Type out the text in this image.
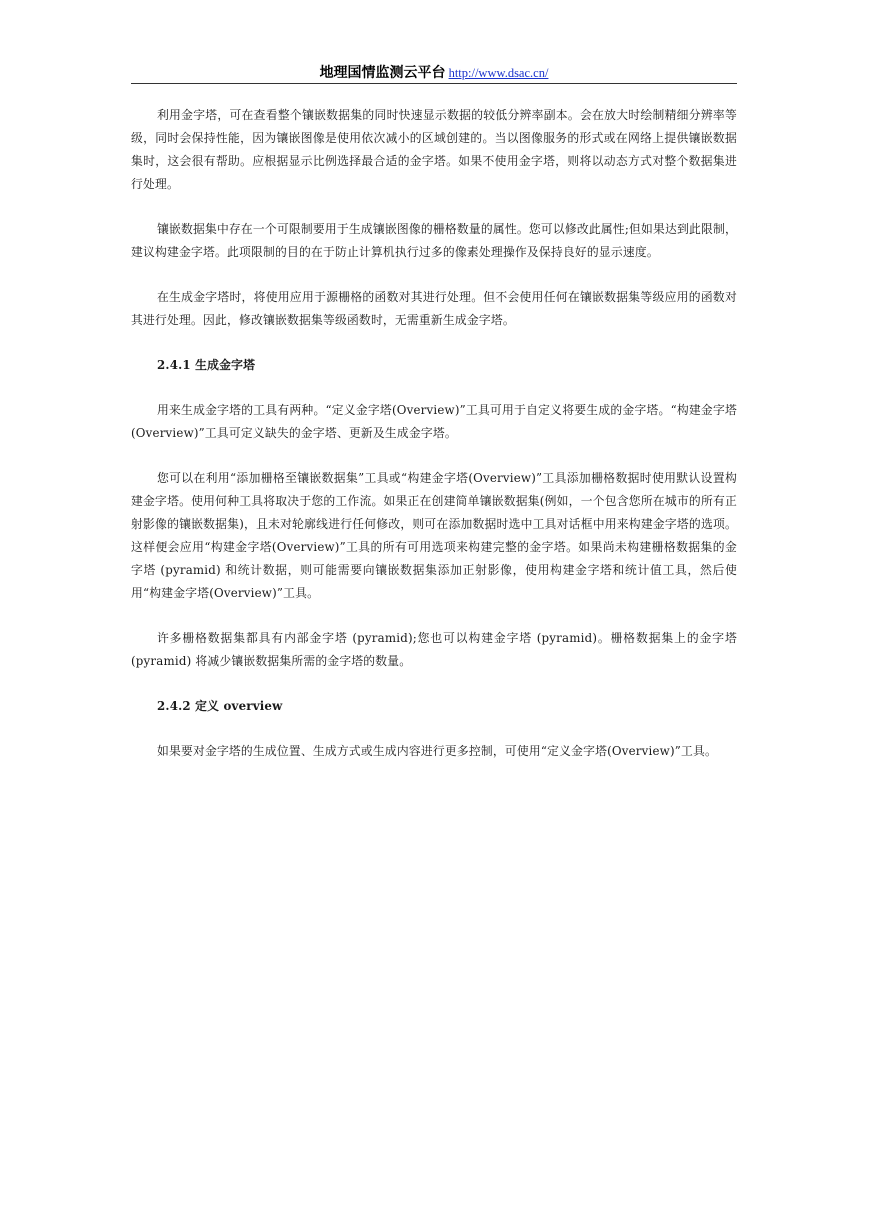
地理国情监测云平台 http://www.dsac.cn/

利用金字塔，可在查看整个镶嵌数据集的同时快速显示数据的较低分辨率副本。会在放大时绘制精细分辨率等级，同时会保持性能，因为镶嵌图像是使用依次减小的区域创建的。当以图像服务的形式或在网络上提供镶嵌数据集时，这会很有帮助。应根据显示比例选择最合适的金字塔。如果不使用金字塔，则将以动态方式对整个数据集进行处理。

镶嵌数据集中存在一个可限制要用于生成镶嵌图像的栅格数量的属性。您可以修改此属性;但如果达到此限制，建议构建金字塔。此项限制的目的在于防止计算机执行过多的像素处理操作及保持良好的显示速度。

在生成金字塔时，将使用应用于源栅格的函数对其进行处理。但不会使用任何在镶嵌数据集等级应用的函数对其进行处理。因此，修改镶嵌数据集等级函数时，无需重新生成金字塔。

2.4.1 生成金字塔

用来生成金字塔的工具有两种。“定义金字塔(Overview)”工具可用于自定义将要生成的金字塔。“构建金字塔(Overview)”工具可定义缺失的金字塔、更新及生成金字塔。

您可以在利用“添加栅格至镶嵌数据集”工具或“构建金字塔(Overview)”工具添加栅格数据时使用默认设置构建金字塔。使用何种工具将取决于您的工作流。如果正在创建简单镶嵌数据集(例如，一个包含您所在城市的所有正射影像的镶嵌数据集)，且未对轮廓线进行任何修改，则可在添加数据时选中工具对话框中用来构建金字塔的选项。这样便会应用“构建金字塔(Overview)”工具的所有可用选项来构建完整的金字塔。如果尚未构建栅格数据集的金字塔 (pyramid) 和统计数据，则可能需要向镶嵌数据集添加正射影像，使用构建金字塔和统计值工具，然后使用“构建金字塔(Overview)”工具。

许多栅格数据集都具有内部金字塔 (pyramid);您也可以构建金字塔 (pyramid)。栅格数据集上的金字塔 (pyramid) 将减少镶嵌数据集所需的金字塔的数量。

2.4.2 定义 overview

如果要对金字塔的生成位置、生成方式或生成内容进行更多控制，可使用“定义金字塔(Overview)”工具。
